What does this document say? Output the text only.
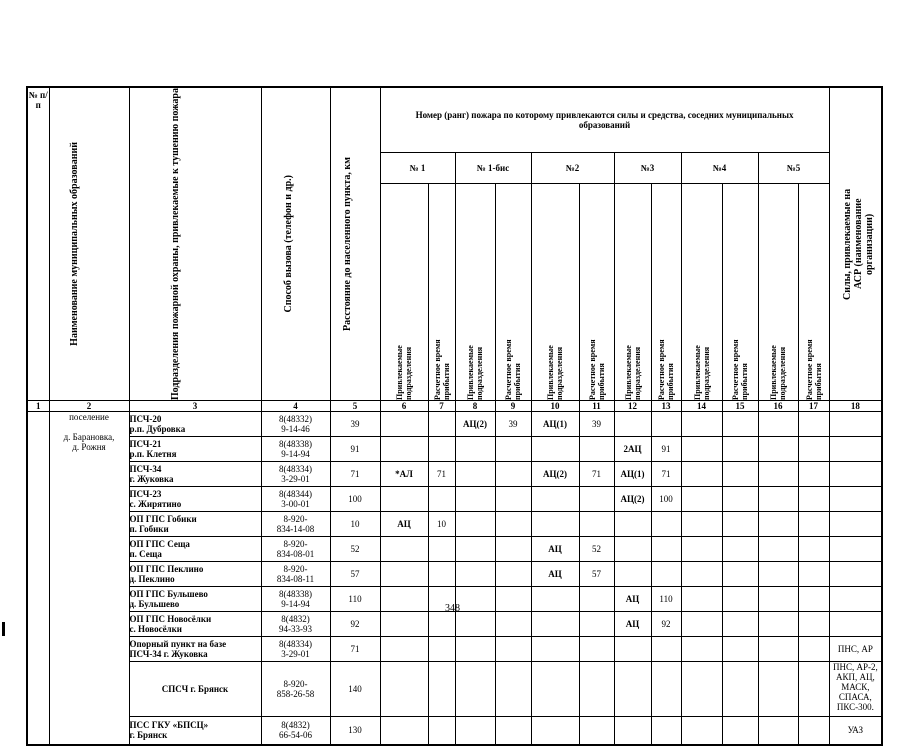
№ п/п	Наименование муниципальных образований	Подразделения пожарной охраны, привлекаемые к тушению пожара	Способ вызова (телефон и др.)	Расстояние до населенного пункта, км	Номер (ранг) пожара по которому привлекаются силы и средства, соседних муниципальных образований												Силы, привлекаемые на АСР (наименование организации)

					№ 1		№ 1-бис		№2		№3		№4		№5		

					Привлекаемые подразделения	Расчетное время прибытия	Привлекаемые подразделения	Расчетное время прибытия	Привлекаемые подразделения	Расчетное время прибытия	Привлекаемые подразделения	Расчетное время прибытия	Привлекаемые подразделения	Расчетное время прибытия	Привлекаемые подразделения	Расчетное время прибытия	

1	2	3	4	5	6	7	8	9	10	11	12	13	14	15	16	17	18

	поселение
д. Барановка,
д. Рожня	ПСЧ-20
р.п. Дубровка	8(48332)
9-14-46	39			АЦ(2)	39	АЦ(1)	39							

		ПСЧ-21
р.п. Клетня	8(48338)
9-14-94	91							2АЦ	91					

		ПСЧ-34
г. Жуковка	8(48334)
3-29-01	71	*АЛ	71			АЦ(2)	71	АЦ(1)	71					

		ПСЧ-23
с. Жирятино	8(48344)
3-00-01	100							АЦ(2)	100					

		ОП ГПС Гобики
п. Гобики	8-920-
834-14-08	10	АЦ	10											

		ОП ГПС Сеща
п. Сеща	8-920-
834-08-01	52					АЦ	52							

		ОП ГПС Пеклино
д. Пеклино	8-920-
834-08-11	57					АЦ	57							

		ОП ГПС Бульшево
д. Бульшево	8(48338)
9-14-94	110							АЦ	110					

		ОП ГПС Новосёлки
с. Новосёлки	8(4832)
94-33-93	92							АЦ	92					

		Опорный пункт на базе
ПСЧ-34 г. Жуковка	8(48334)
3-29-01	71													ПНС, АР

		СПСЧ г. Брянск	8-920-
858-26-58	140													ПНС, АР-2, АКП, АЦ, МАСК, СПАСА, ПКС-300.

		ПСС ГКУ «БПСЦ»
г. Брянск	8(4832)
66-54-06	130													УАЗ
348
